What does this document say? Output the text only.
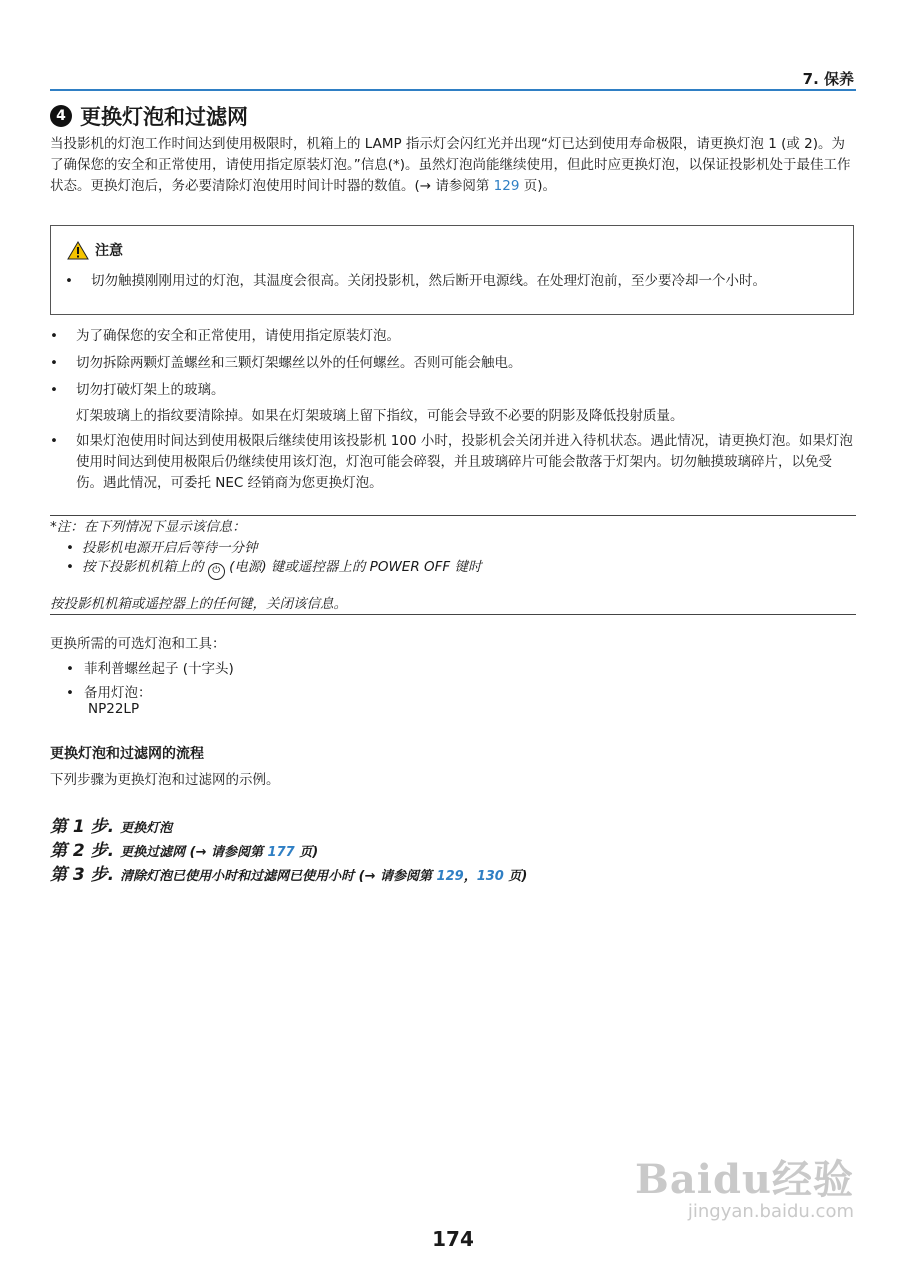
7. 保养
4 更换灯泡和过滤网
当投影机的灯泡工作时间达到使用极限时，机箱上的 LAMP 指示灯会闪红光并出现“灯已达到使用寿命极限，请更换灯泡 1 (或 2)。为了确保您的安全和正常使用，请使用指定原装灯泡。”信息(*)。虽然灯泡尚能继续使用，但此时应更换灯泡，以保证投影机处于最佳工作状态。更换灯泡后，务必要清除灯泡使用时间计时器的数值。(→ 请参阅第 129 页)。
注意
• 切勿触摸刚刚用过的灯泡，其温度会很高。关闭投影机，然后断开电源线。在处理灯泡前，至少要冷却一个小时。
• 为了确保您的安全和正常使用，请使用指定原装灯泡。
• 切勿拆除两颗灯盖螺丝和三颗灯架螺丝以外的任何螺丝。否则可能会触电。
• 切勿打破灯架上的玻璃。
灯架玻璃上的指纹要清除掉。如果在灯架玻璃上留下指纹，可能会导致不必要的阴影及降低投射质量。
• 如果灯泡使用时间达到使用极限后继续使用该投影机 100 小时，投影机会关闭并进入待机状态。遇此情况，请更换灯泡。如果灯泡使用时间达到使用极限后仍继续使用该灯泡，灯泡可能会碎裂，并且玻璃碎片可能会散落于灯架内。切勿触摸玻璃碎片，以免受伤。遇此情况，可委托 NEC 经销商为您更换灯泡。
*注：在下列情况下显示该信息：
• 投影机电源开启后等待一分钟
• 按下投影机机箱上的 ⏻ (电源) 键或遥控器上的 POWER OFF 键时
按投影机机箱或遥控器上的任何键，关闭该信息。
更换所需的可选灯泡和工具：
• 菲利普螺丝起子 (十字头)
• 备用灯泡：
NP22LP
更换灯泡和过滤网的流程
下列步骤为更换灯泡和过滤网的示例。
第 1 步. 更换灯泡
第 2 步. 更换过滤网 (→ 请参阅第 177 页)
第 3 步. 清除灯泡已使用小时和过滤网已使用小时 (→ 请参阅第 129，130 页)
Baidu经验
jingyan.baidu.com
174
